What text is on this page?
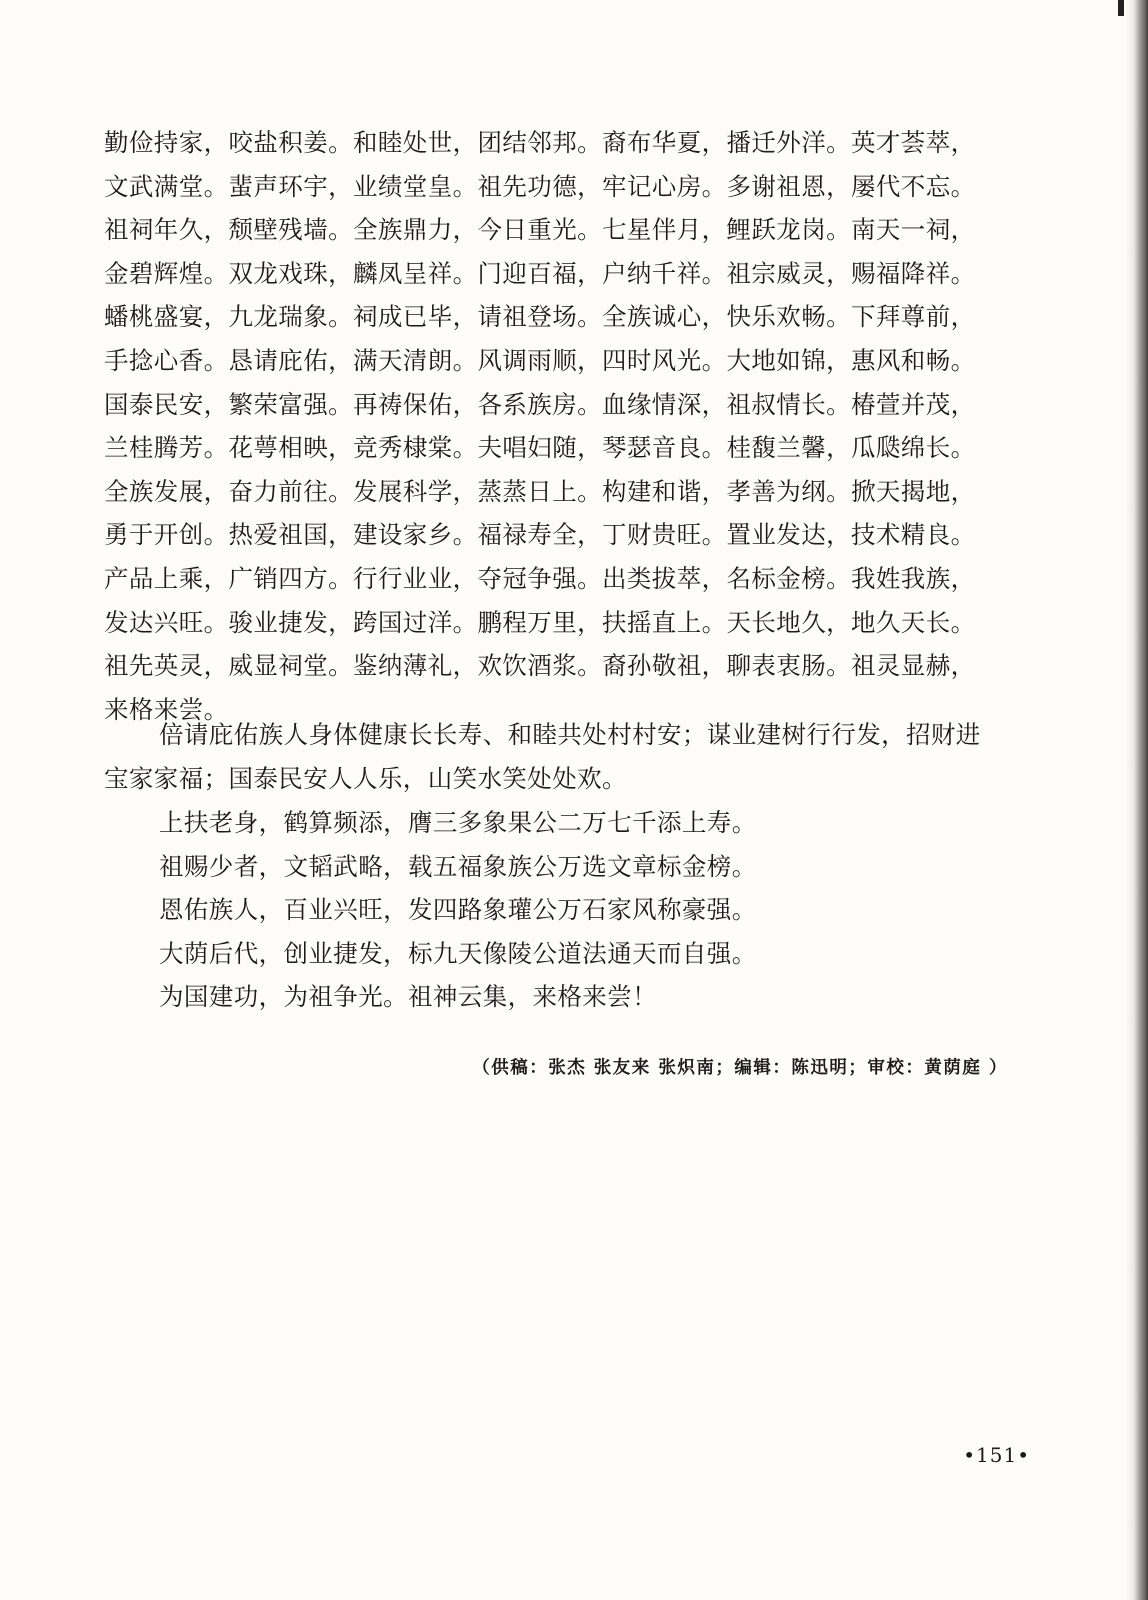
勤俭持家，咬盐积姜。和睦处世，团结邻邦。裔布华夏，播迁外洋。英才荟萃，
文武满堂。蜚声环宇，业绩堂皇。祖先功德，牢记心房。多谢祖恩，屡代不忘。
祖祠年久，颓壁残墙。全族鼎力，今日重光。七星伴月，鲤跃龙岗。南天一祠，
金碧辉煌。双龙戏珠，麟凤呈祥。门迎百福，户纳千祥。祖宗威灵，赐福降祥。
蟠桃盛宴，九龙瑞象。祠成已毕，请祖登场。全族诚心，快乐欢畅。下拜尊前，
手捻心香。恳请庇佑，满天清朗。风调雨顺，四时风光。大地如锦，惠风和畅。
国泰民安，繁荣富强。再祷保佑，各系族房。血缘情深，祖叔情长。椿萱并茂，
兰桂腾芳。花萼相映，竞秀棣棠。夫唱妇随，琴瑟音良。桂馥兰馨，瓜瓞绵长。
全族发展，奋力前往。发展科学，蒸蒸日上。构建和谐，孝善为纲。掀天揭地，
勇于开创。热爱祖国，建设家乡。福禄寿全，丁财贵旺。置业发达，技术精良。
产品上乘，广销四方。行行业业，夺冠争强。出类拔萃，名标金榜。我姓我族，
发达兴旺。骏业捷发，跨国过洋。鹏程万里，扶摇直上。天长地久，地久天长。
祖先英灵，威显祠堂。鉴纳薄礼，欢饮酒浆。裔孙敬祖，聊表衷肠。祖灵显赫，
来格来尝。
倍请庇佑族人身体健康长长寿、和睦共处村村安；谋业建树行行发，招财进
宝家家福；国泰民安人人乐，山笑水笑处处欢。
上扶老身，鹤算频添，膺三多象果公二万七千添上寿。
祖赐少者，文韬武略，载五福象族公万选文章标金榜。
恩佑族人，百业兴旺，发四路象瓘公万石家风称豪强。
大荫后代，创业捷发，标九天像陵公道法通天而自强。
为国建功，为祖争光。祖神云集，来格来尝！
（供稿：张杰 张友来 张炽南；编辑：陈迅明；审校：黄荫庭 ）
•151•
